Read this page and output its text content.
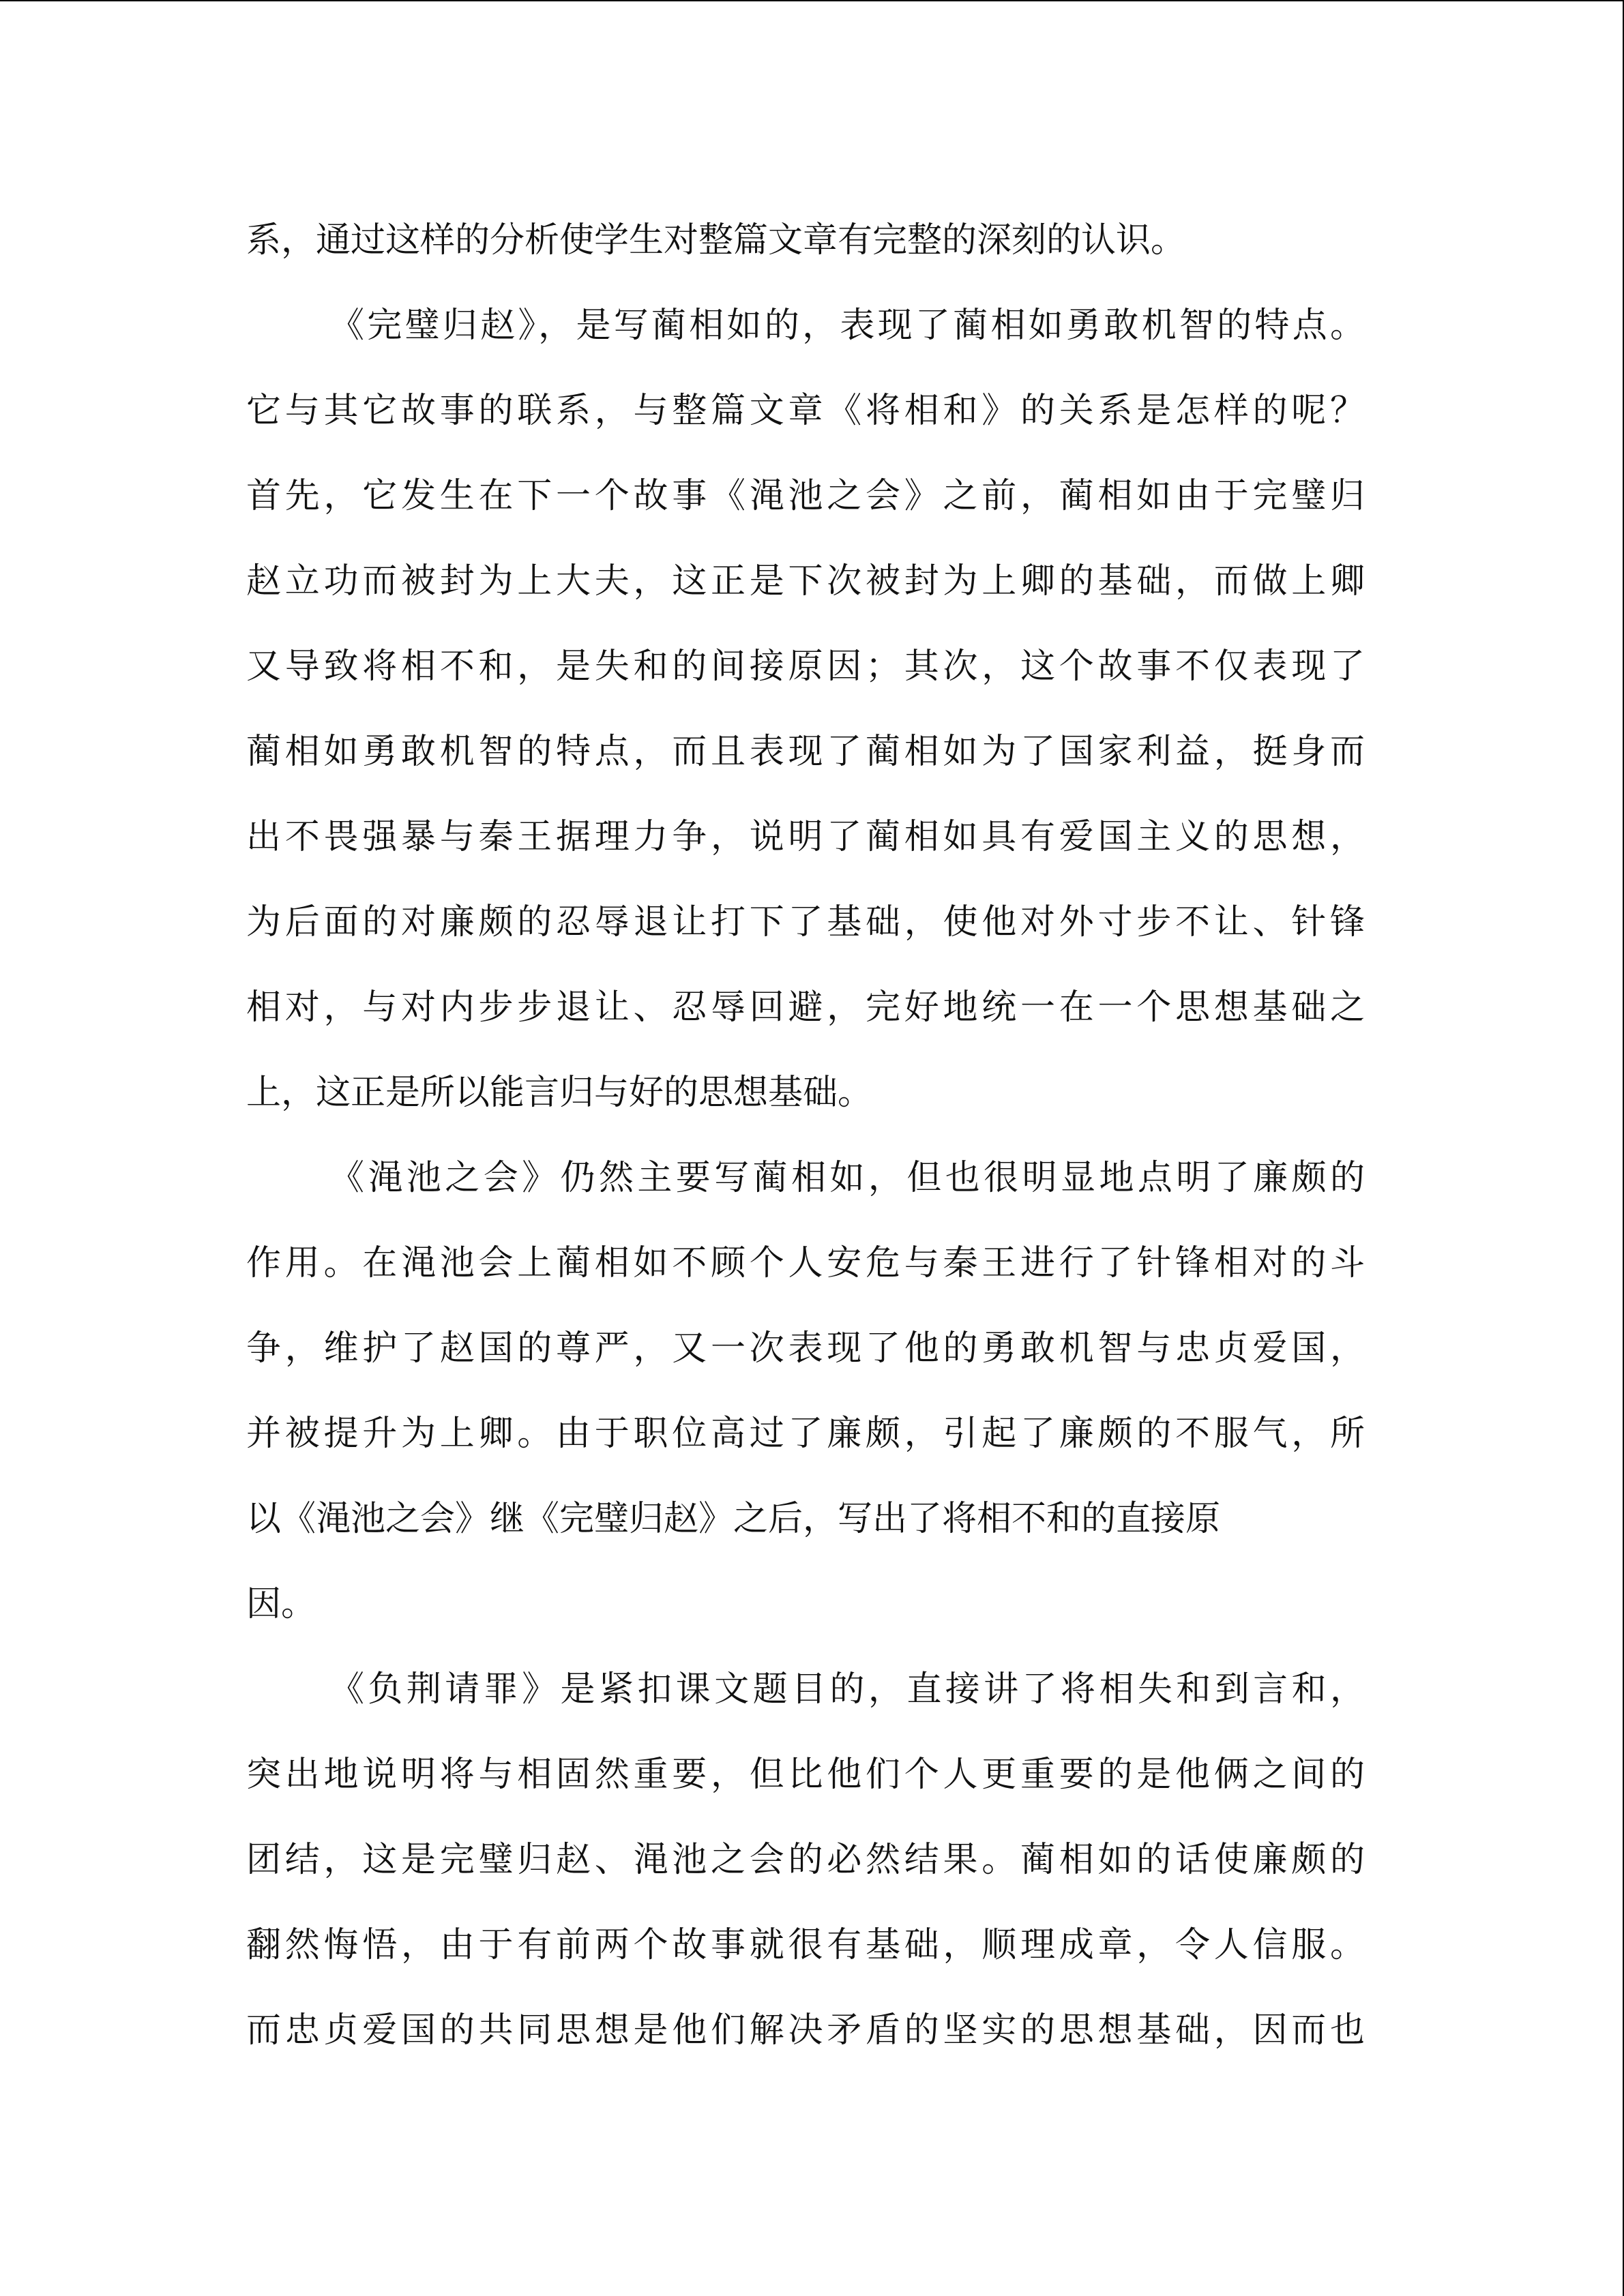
系，通过这样的分析使学生对整篇文章有完整的深刻的认识。
《完璧归赵》，是写蔺相如的，表现了蔺相如勇敢机智的特点。
它与其它故事的联系，与整篇文章《将相和》的关系是怎样的呢？
首先，它发生在下一个故事《渑池之会》之前，蔺相如由于完璧归
赵立功而被封为上大夫，这正是下次被封为上卿的基础，而做上卿
又导致将相不和，是失和的间接原因；其次，这个故事不仅表现了
蔺相如勇敢机智的特点，而且表现了蔺相如为了国家利益，挺身而
出不畏强暴与秦王据理力争，说明了蔺相如具有爱国主义的思想，
为后面的对廉颇的忍辱退让打下了基础，使他对外寸步不让、针锋
相对，与对内步步退让、忍辱回避，完好地统一在一个思想基础之
上，这正是所以能言归与好的思想基础。
《渑池之会》仍然主要写蔺相如，但也很明显地点明了廉颇的
作用。在渑池会上蔺相如不顾个人安危与秦王进行了针锋相对的斗
争，维护了赵国的尊严，又一次表现了他的勇敢机智与忠贞爱国，
并被提升为上卿。由于职位高过了廉颇，引起了廉颇的不服气，所
以《渑池之会》继《完璧归赵》之后，写出了将相不和的直接原
因。
《负荆请罪》是紧扣课文题目的，直接讲了将相失和到言和，
突出地说明将与相固然重要，但比他们个人更重要的是他俩之间的
团结，这是完璧归赵、渑池之会的必然结果。蔺相如的话使廉颇的
翻然悔悟，由于有前两个故事就很有基础，顺理成章，令人信服。
而忠贞爱国的共同思想是他们解决矛盾的坚实的思想基础，因而也
